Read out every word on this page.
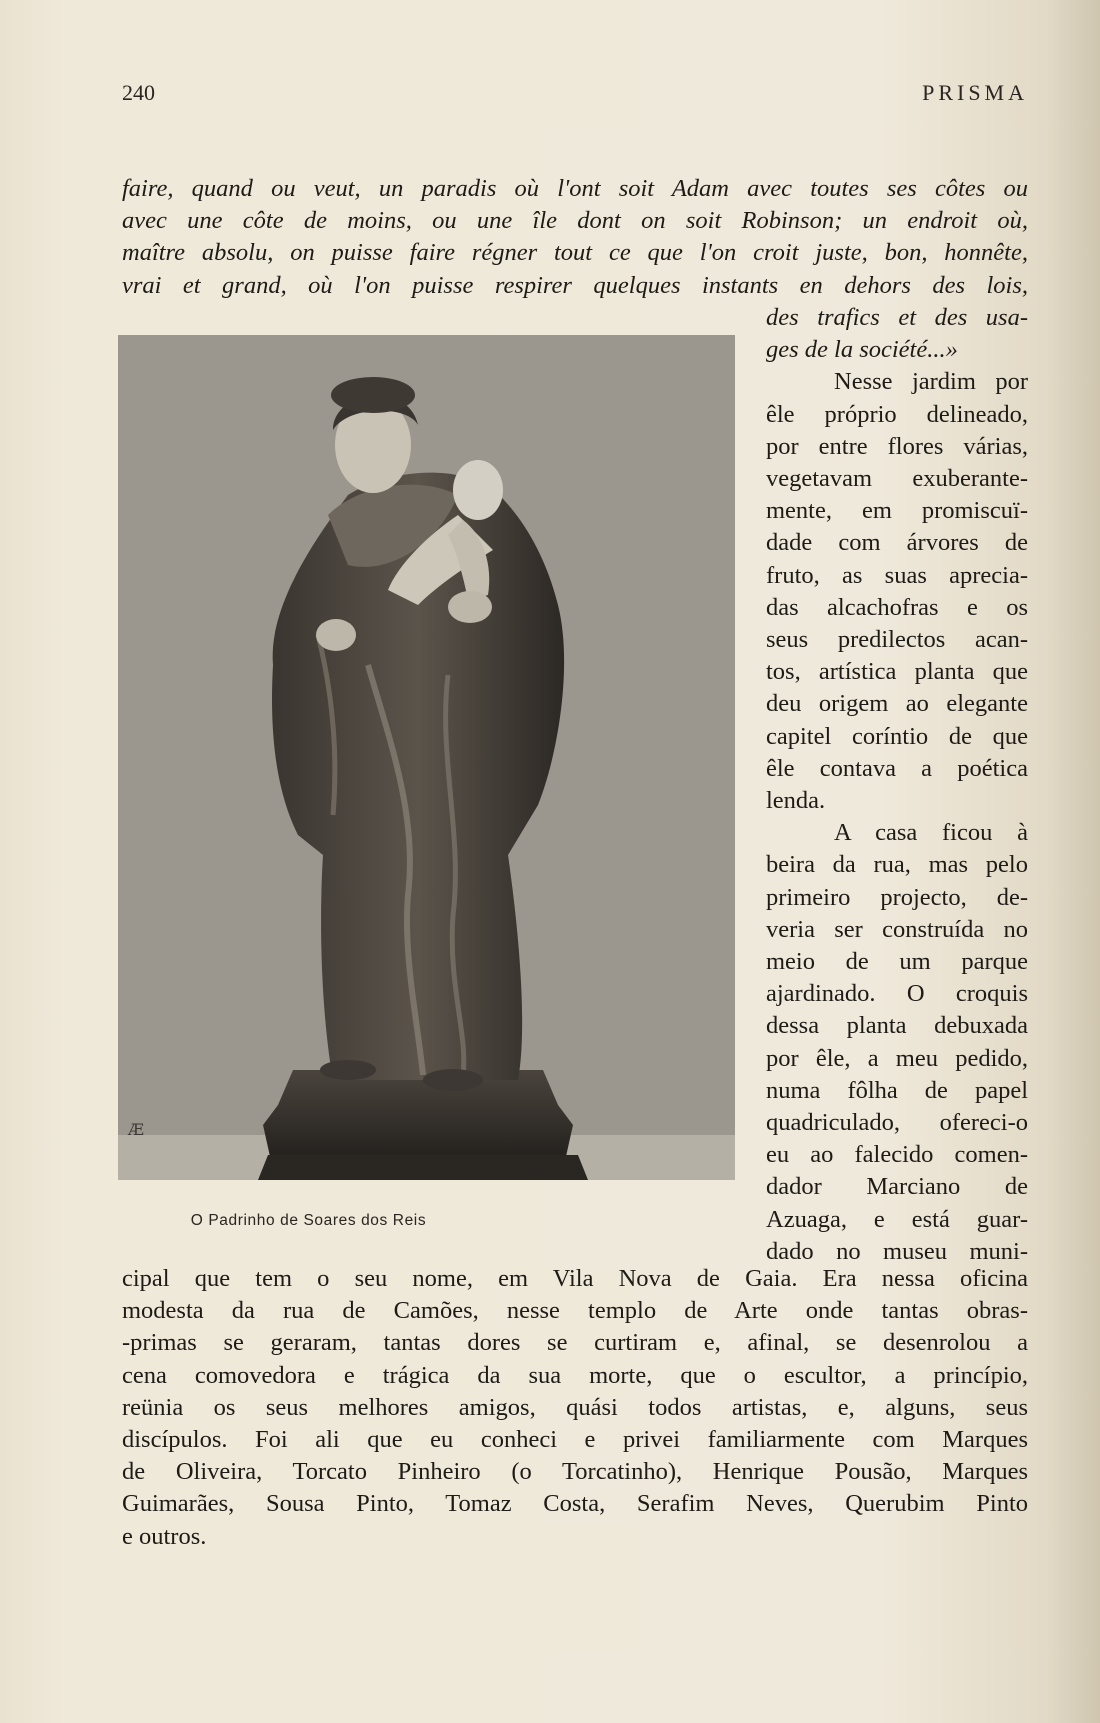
240	PRISMA
faire, quand ou veut, un paradis où l'ont soit Adam avec toutes ses côtes ou
avec une côte de moins, ou une île dont on soit Robinson; un endroit où,
maître absolu, on puisse faire régner tout ce que l'on croit juste, bon, honnête,
vrai et grand, où l'on puisse respirer quelques instants en dehors des lois,
Æ
O Padrinho de Soares dos Reis
des trafics et des usa-
ges de la société...»
Nesse jardim por
êle próprio delineado,
por entre flores várias,
vegetavam exuberante-
mente, em promiscuï-
dade com árvores de
fruto, as suas aprecia-
das alcachofras e os
seus predilectos acan-
tos, artística planta que
deu origem ao elegante
capitel coríntio de que
êle contava a poética
lenda.
A casa ficou à
beira da rua, mas pelo
primeiro projecto, de-
veria ser construída no
meio de um parque
ajardinado. O croquis
dessa planta debuxada
por êle, a meu pedido,
numa fôlha de papel
quadriculado, ofereci-o
eu ao falecido comen-
dador Marciano de
Azuaga, e está guar-
dado no museu muni-
cipal que tem o seu nome, em Vila Nova de Gaia. Era nessa oficina
modesta da rua de Camões, nesse templo de Arte onde tantas obras-
-primas se geraram, tantas dores se curtiram e, afinal, se desenrolou a
cena comovedora e trágica da sua morte, que o escultor, a princípio,
reünia os seus melhores amigos, quási todos artistas, e, alguns, seus
discípulos. Foi ali que eu conheci e privei familiarmente com Marques
de Oliveira, Torcato Pinheiro (o Torcatinho), Henrique Pousão, Marques
Guimarães, Sousa Pinto, Tomaz Costa, Serafim Neves, Querubim Pinto
e outros.
